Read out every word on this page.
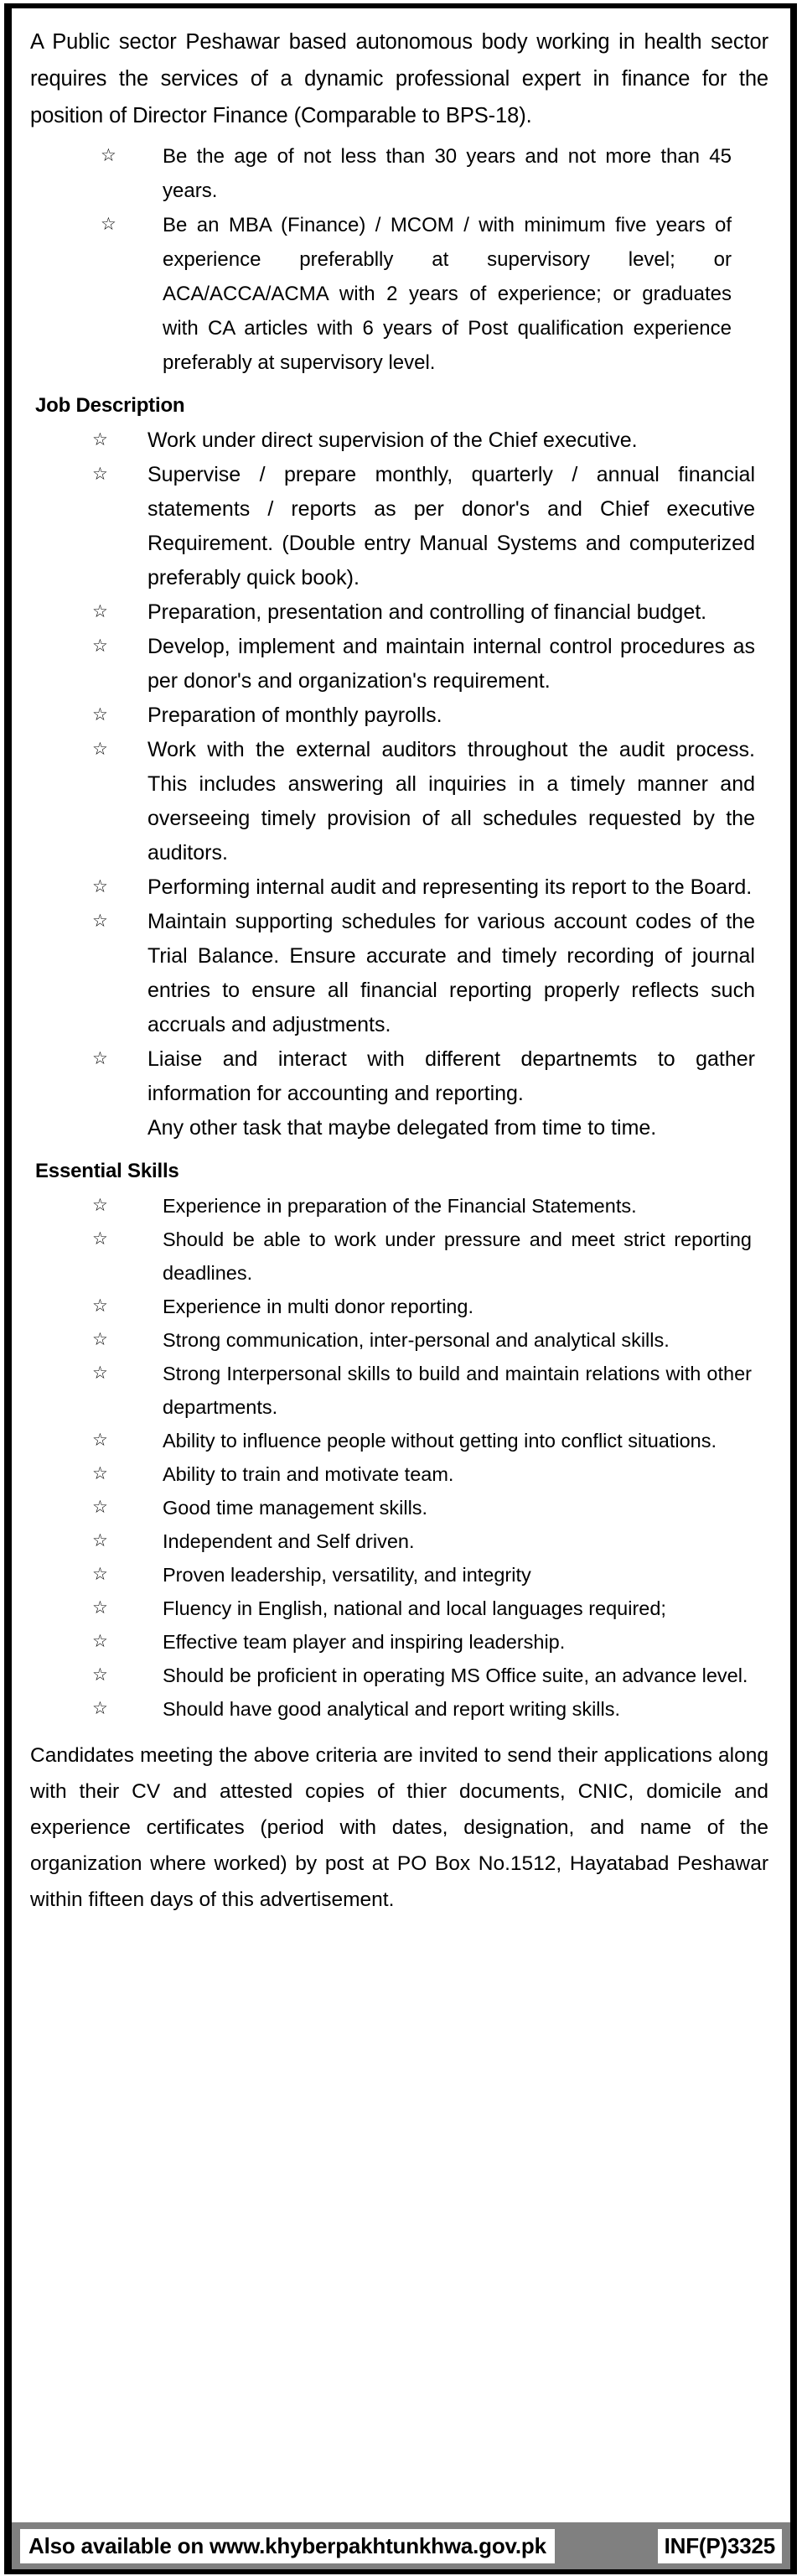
A Public sector Peshawar based autonomous body working in health sector requires the services of a dynamic professional expert in finance for the position of Director Finance (Comparable to BPS-18).

☆	Be the age of not less than 30 years and not more than 45 years.
☆	Be an MBA (Finance) / MCOM / with minimum five years of experience preferablly at supervisory level; or ACA/ACCA/ACMA with 2 years of experience; or graduates with CA articles with 6 years of Post qualification experience preferably at supervisory level.
Job Description
☆	Work under direct supervision of the Chief executive.
☆	Supervise / prepare monthly, quarterly / annual financial statements / reports as per donor's and Chief executive Requirement. (Double entry Manual Systems and computerized preferably quick book).
☆	Preparation, presentation and controlling of financial budget.
☆	Develop, implement and maintain internal control procedures as per donor's and organization's requirement.
☆	Preparation of monthly payrolls.
☆	Work with the external auditors throughout the audit process. This includes answering all inquiries in a timely manner and overseeing timely provision of all schedules requested by the auditors.
☆	Performing internal audit and representing its report to the Board.
☆	Maintain supporting schedules for various account codes of the Trial Balance. Ensure accurate and timely recording of journal entries to ensure all financial reporting properly reflects such accruals and adjustments.
☆	Liaise and interact with different departnemts to gather information for accounting and reporting.
Any other task that maybe delegated from time to time.
Essential Skills
☆	Experience in preparation of the Financial Statements.
☆	Should be able to work under pressure and meet strict reporting deadlines.
☆	Experience in multi donor reporting.
☆	Strong communication, inter-personal and analytical skills.
☆	Strong Interpersonal skills to build and maintain relations with other departments.
☆	Ability to influence people without getting into conflict situations.
☆	Ability to train and motivate team.
☆	Good time management skills.
☆	Independent and Self driven.
☆	Proven leadership, versatility, and integrity
☆	Fluency in English, national and local languages required;
☆	Effective team player and inspiring leadership.
☆	Should be proficient in operating MS Office suite, an advance level.
☆	Should have good analytical and report writing skills.

Candidates meeting the above criteria are invited to send their applications along with their CV and attested copies of thier documents, CNIC, domicile and experience certificates (period with dates, designation, and name of the organization where worked) by post at PO Box No.1512, Hayatabad Peshawar within fifteen days of this advertisement.

Also available on www.khyberpakhtunkhwa.gov.pk	INF(P)3325
